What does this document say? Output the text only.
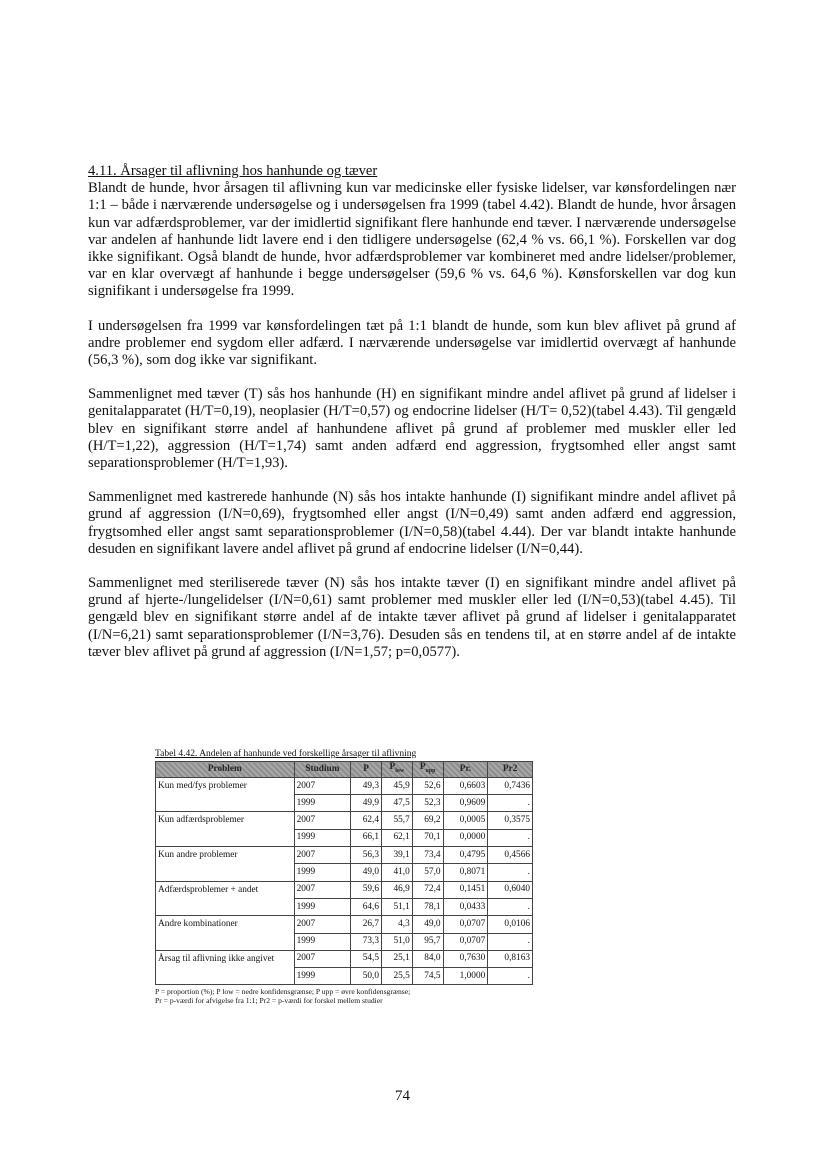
4.11. Årsager til aflivning hos hanhunde og tæver

Blandt de hunde, hvor årsagen til aflivning kun var medicinske eller fysiske lidelser, var kønsfordelingen nær 1:1 – både i nærværende undersøgelse og i undersøgelsen fra 1999 (tabel 4.42). Blandt de hunde, hvor årsagen kun var adfærdsproblemer, var der imidlertid signifikant flere hanhunde end tæver. I nærværende undersøgelse var andelen af hanhunde lidt lavere end i den tidligere undersøgelse (62,4 % vs. 66,1 %). Forskellen var dog ikke signifikant. Også blandt de hunde, hvor adfærdsproblemer var kombineret med andre lidelser/problemer, var en klar overvægt af hanhunde i begge undersøgelser (59,6 % vs. 64,6 %). Kønsforskellen var dog kun signifikant i undersøgelse fra 1999.

I undersøgelsen fra 1999 var kønsfordelingen tæt på 1:1 blandt de hunde, som kun blev aflivet på grund af andre problemer end sygdom eller adfærd. I nærværende undersøgelse var imidlertid overvægt af hanhunde (56,3 %), som dog ikke var signifikant.

Sammenlignet med tæver (T) sås hos hanhunde (H) en signifikant mindre andel aflivet på grund af lidelser i genitalapparatet (H/T=0,19), neoplasier (H/T=0,57) og endocrine lidelser (H/T= 0,52)(tabel 4.43). Til gengæld blev en signifikant større andel af hanhundene aflivet på grund af problemer med muskler eller led (H/T=1,22), aggression (H/T=1,74) samt anden adfærd end aggression, frygtsomhed eller angst samt separationsproblemer (H/T=1,93).

Sammenlignet med kastrerede hanhunde (N) sås hos intakte hanhunde (I) signifikant mindre andel aflivet på grund af aggression (I/N=0,69), frygtsomhed eller angst (I/N=0,49) samt anden adfærd end aggression, frygtsomhed eller angst samt separationsproblemer (I/N=0,58)(tabel 4.44). Der var blandt intakte hanhunde desuden en signifikant lavere andel aflivet på grund af endocrine lidelser (I/N=0,44).

Sammenlignet med steriliserede tæver (N) sås hos intakte tæver (I) en signifikant mindre andel aflivet på grund af hjerte-/lungelidelser (I/N=0,61) samt problemer med muskler eller led (I/N=0,53)(tabel 4.45). Til gengæld blev en signifikant større andel af de intakte tæver aflivet på grund af lidelser i genitalapparatet (I/N=6,21) samt separationsproblemer (I/N=3,76). Desuden sås en tendens til, at en større andel af de intakte tæver blev aflivet på grund af aggression (I/N=1,57; p=0,0577).

Tabel 4.42. Andelen af hanhunde ved forskellige årsager til aflivning
Problem	Studium	P	$P_{low}$	$P_{upp}$	Pr.	Pr2
Kun med/fys problemer	2007	49,3	45,9	52,6	0,6603	0,7436
	1999	49,9	47,5	52,3	0,9609	.
Kun adfærdsproblemer	2007	62,4	55,7	69,2	0,0005	0,3575
	1999	66,1	62,1	70,1	0,0000	.
Kun andre problemer	2007	56,3	39,1	73,4	0,4795	0,4566
	1999	49,0	41,0	57,0	0,8071	.
Adfærdsproblemer + andet	2007	59,6	46,9	72,4	0,1451	0,6040
	1999	64,6	51,1	78,1	0,0433	.
Andre kombinationer	2007	26,7	4,3	49,0	0,0707	0,0106
	1999	73,3	51,0	95,7	0,0707	.
Årsag til aflivning ikke angivet	2007	54,5	25,1	84,0	0,7630	0,8163
	1999	50,0	25,5	74,5	1,0000	.
P = proportion (%); P low = nedre konfidensgrænse; P upp = øvre konfidensgrænse;
Pr = p-værdi for afvigelse fra 1:1; Pr2 = p-værdi for forskel mellem studier
74
